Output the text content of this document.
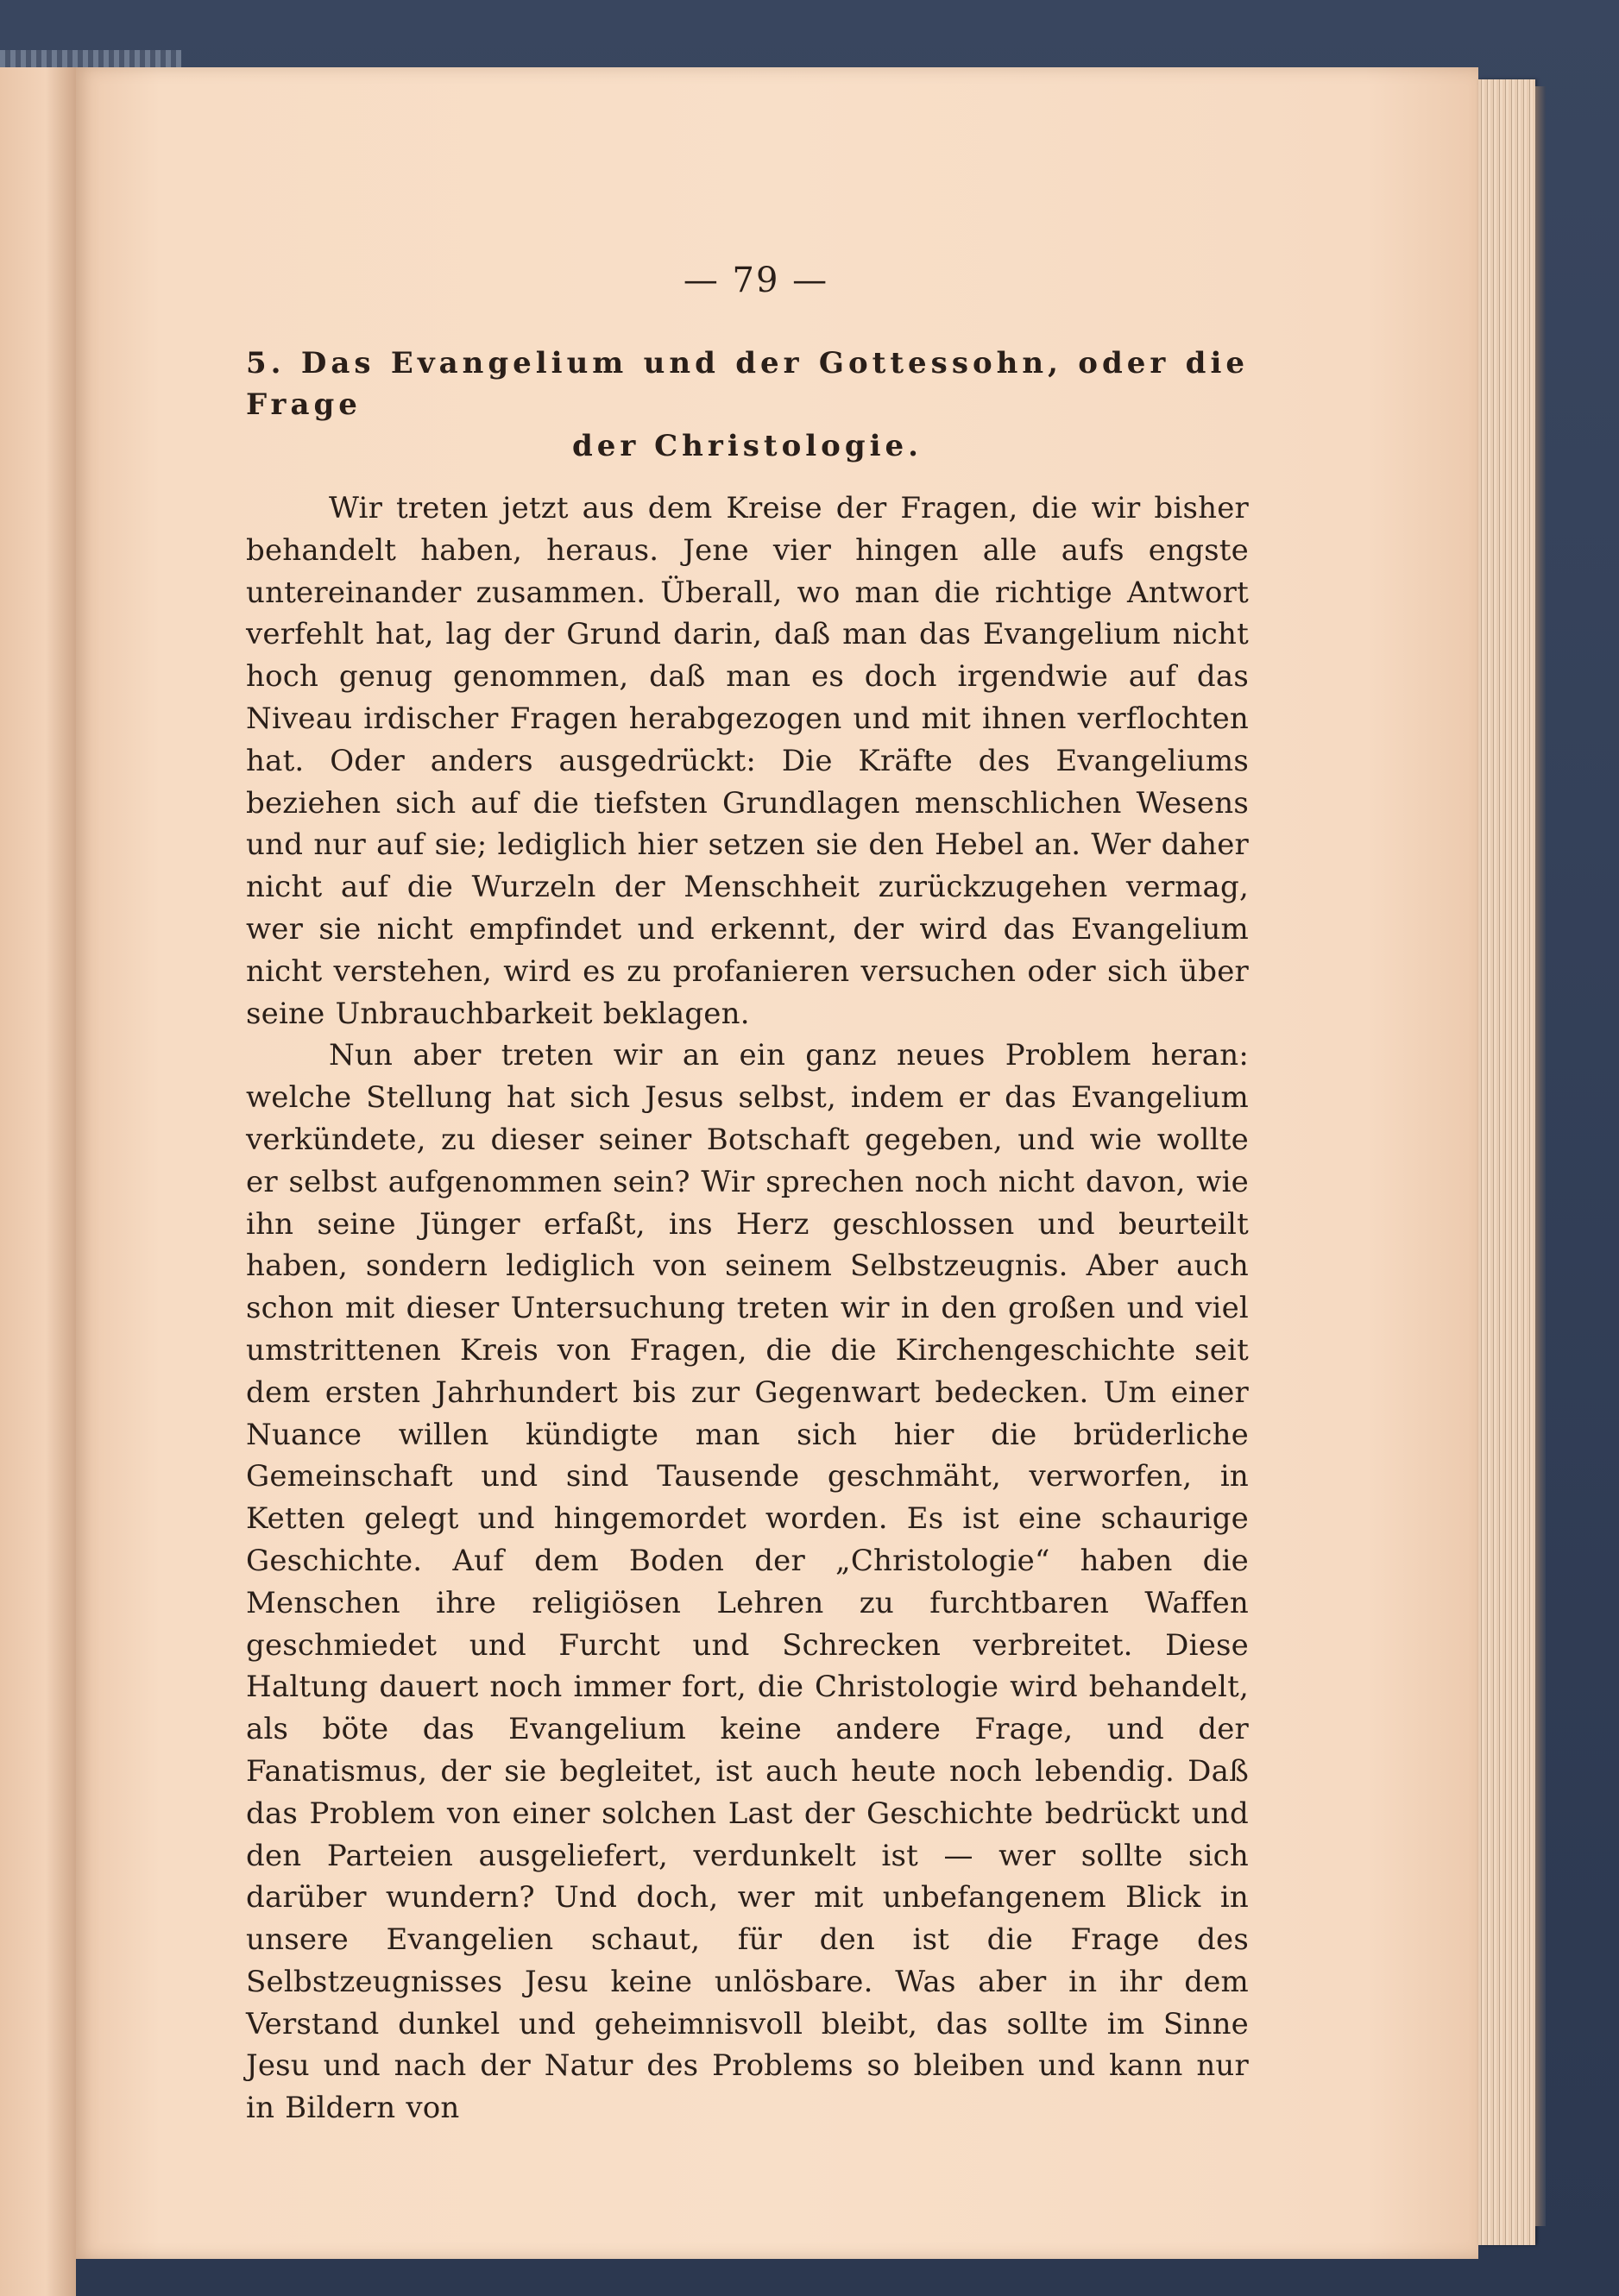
— 79 —
5. Das Evangelium und der Gottessohn, oder die Frage
der Christologie.

Wir treten jetzt aus dem Kreise der Fragen, die wir bisher behandelt haben, heraus. Jene vier hingen alle aufs engste untereinander zusammen. Überall, wo man die richtige Antwort verfehlt hat, lag der Grund darin, daß man das Evangelium nicht hoch genug genommen, daß man es doch irgendwie auf das Niveau irdischer Fragen herabgezogen und mit ihnen verflochten hat. Oder anders ausgedrückt: Die Kräfte des Evangeliums beziehen sich auf die tiefsten Grundlagen menschlichen Wesens und nur auf sie; lediglich hier setzen sie den Hebel an. Wer daher nicht auf die Wurzeln der Menschheit zurückzugehen vermag, wer sie nicht empfindet und erkennt, der wird das Evangelium nicht verstehen, wird es zu profanieren versuchen oder sich über seine Unbrauchbarkeit beklagen.

Nun aber treten wir an ein ganz neues Problem heran: welche Stellung hat sich Jesus selbst, indem er das Evangelium verkündete, zu dieser seiner Botschaft gegeben, und wie wollte er selbst aufgenommen sein? Wir sprechen noch nicht davon, wie ihn seine Jünger erfaßt, ins Herz geschlossen und beurteilt haben, sondern lediglich von seinem Selbstzeugnis. Aber auch schon mit dieser Untersuchung treten wir in den großen und viel umstrittenen Kreis von Fragen, die die Kirchengeschichte seit dem ersten Jahrhundert bis zur Gegenwart bedecken. Um einer Nuance willen kündigte man sich hier die brüderliche Gemeinschaft und sind Tausende geschmäht, verworfen, in Ketten gelegt und hingemordet worden. Es ist eine schaurige Geschichte. Auf dem Boden der „Christologie“ haben die Menschen ihre religiösen Lehren zu furchtbaren Waffen geschmiedet und Furcht und Schrecken verbreitet. Diese Haltung dauert noch immer fort, die Christologie wird behandelt, als böte das Evangelium keine andere Frage, und der Fanatismus, der sie begleitet, ist auch heute noch lebendig. Daß das Problem von einer solchen Last der Geschichte bedrückt und den Parteien ausgeliefert, verdunkelt ist — wer sollte sich darüber wundern? Und doch, wer mit unbefangenem Blick in unsere Evangelien schaut, für den ist die Frage des Selbstzeugnisses Jesu keine unlösbare. Was aber in ihr dem Verstand dunkel und geheimnisvoll bleibt, das sollte im Sinne Jesu und nach der Natur des Problems so bleiben und kann nur in Bildern von
